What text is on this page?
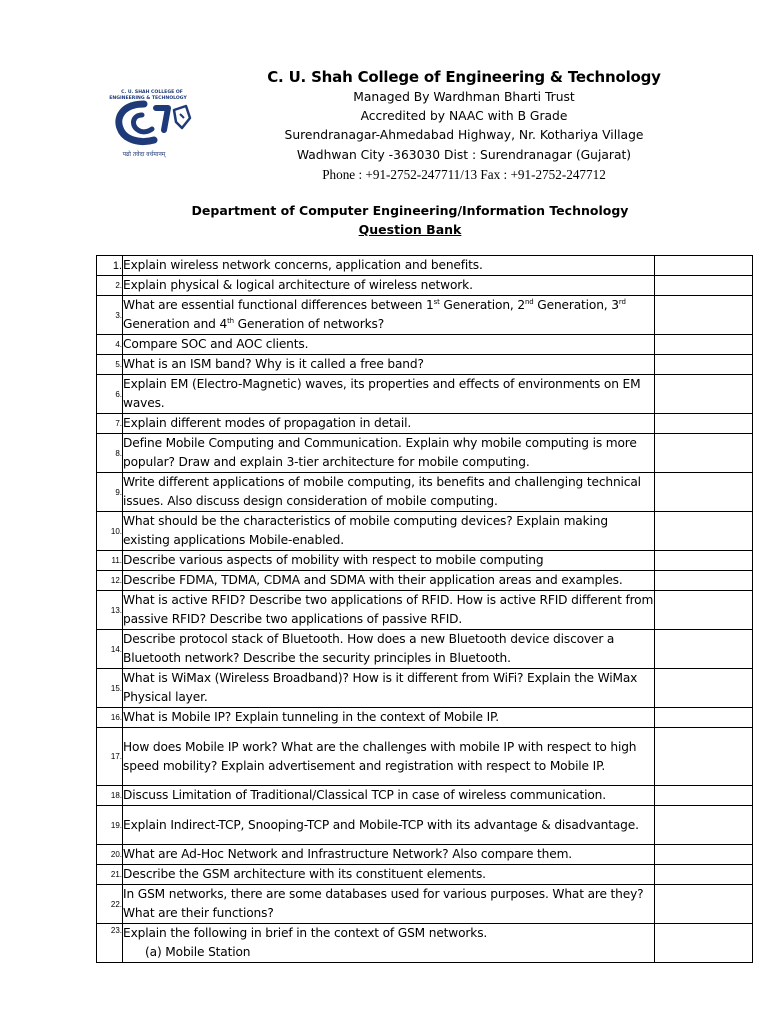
C. U. SHAH COLLEGE OF
ENGINEERING & TECHNOLOGY
पढो तवेदा वर्धमानम्
C. U. Shah College of Engineering & Technology
Managed By Wardhman Bharti Trust
Accredited by NAAC with B Grade
Surendranagar-Ahmedabad Highway, Nr. Kothariya Village
Wadhwan City -363030 Dist : Surendranagar (Gujarat)
Phone : +91-2752-247711/13 Fax : +91-2752-247712
Department of Computer Engineering/Information Technology
Question Bank
1.	Explain wireless network concerns, application and benefits.	
2.	Explain physical & logical architecture of wireless network.	
3.	What are essential functional differences between 1st Generation, 2nd Generation, 3rd
Generation and 4th Generation of networks?	
4.	Compare SOC and AOC clients.	
5.	What is an ISM band? Why is it called a free band?	
6.	Explain EM (Electro-Magnetic) waves, its properties and effects of environments on EM waves.	
7.	Explain different modes of propagation in detail.	
8.	Define Mobile Computing and Communication. Explain why mobile computing is more popular? Draw and explain 3-tier architecture for mobile computing.	
9.	Write different applications of mobile computing, its benefits and challenging technical issues. Also discuss design consideration of mobile computing.	
10.	What should be the characteristics of mobile computing devices? Explain making existing applications Mobile-enabled.	
11.	Describe various aspects of mobility with respect to mobile computing	
12.	Describe FDMA, TDMA, CDMA and SDMA with their application areas and examples.	
13.	What is active RFID? Describe two applications of RFID. How is active RFID different from passive RFID? Describe two applications of passive RFID.	
14.	Describe protocol stack of Bluetooth. How does a new Bluetooth device discover a Bluetooth network? Describe the security principles in Bluetooth.	
15.	What is WiMax (Wireless Broadband)? How is it different from WiFi? Explain the WiMax Physical layer.	
16.	What is Mobile IP? Explain tunneling in the context of Mobile IP.	
17.	How does Mobile IP work? What are the challenges with mobile IP with respect to high speed mobility? Explain advertisement and registration with respect to Mobile IP.	
18.	Discuss Limitation of Traditional/Classical TCP in case of wireless communication.	
19.	Explain Indirect-TCP, Snooping-TCP and Mobile-TCP with its advantage & disadvantage.	
20.	What are Ad-Hoc Network and Infrastructure Network? Also compare them.	
21.	Describe the GSM architecture with its constituent elements.	
22.	In GSM networks, there are some databases used for various purposes. What are they? What are their functions?	
23.	Explain the following in brief in the context of GSM networks.
(a) Mobile Station	
